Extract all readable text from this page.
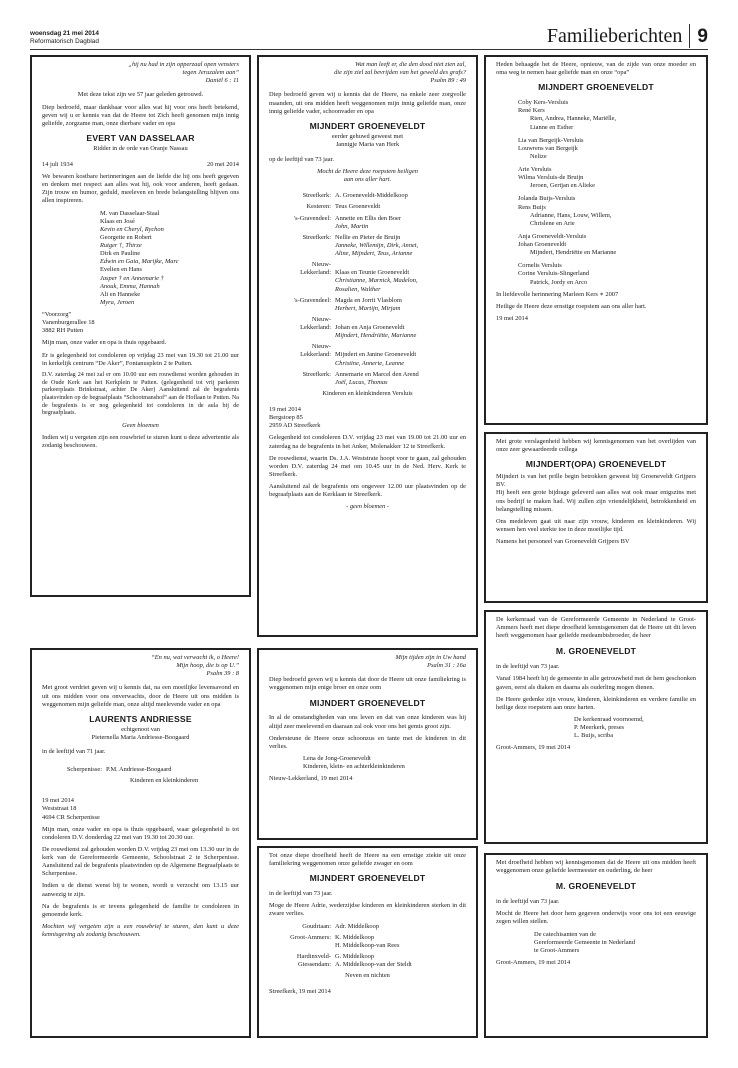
woensdag 21 mei 2014
Reformatorisch Dagblad	Familieberichten 9
„hij nu had in zijn opperzaal open vensters
tegen Jeruzalem aan”
Daniël 6 : 11

Met deze tekst zijn we 57 jaar geleden getrouwd.

Diep bedroefd, maar dankbaar voor alles wat hij voor ons heeft betekend, geven wij u er kennis van dat de Heere tot Zich heeft genomen mijn innig geliefde, zorgzame man, onze dierbare vader en opa

EVERT VAN DASSELAAR
Ridder in de orde van Oranje Nassau
14 juli 1934	20 mei 2014

We bewaren kostbare herinneringen aan de liefde die hij ons heeft gegeven en denken met respect aan alles wat hij, ook voor anderen, heeft gedaan. Zijn trouw en humor, geduld, meeleven en brede belangstelling blijven ons allen inspireren.

M. van Dasselaar-Staal
Klaas en José
Kevin en Cheryl, Rychon
Georgette en Robert
Rutger †, Thirze
Dirk en Pauline
Edwin en Gaia, Marijke, Marc
Evelien en Hans
Jasper † en Annemarie †
Anouk, Emma, Hannah
Ali en Hanneke
Myra, Jeroen
“Voorzorg”
Vanenburgerallee 18
3882 RH Putten

Mijn man, onze vader en opa is thuis opgebaard.

Er is gelegenheid tot condoleren op vrijdag 23 mei van 19.30 tot 21.00 uur in kerkelijk centrum “De Aker”, Fontanusplein 2 te Putten.

D.V. zaterdag 24 mei zal er om 10.00 uur een rouwdienst worden gehouden in de Oude Kerk aan het Kerkplein te Putten. (gelegenheid tot vrij parkeren parkeerplaats Brinkstraat, achter De Aker) Aansluitend zal de begrafenis plaatsvinden op de begraafplaats “Schootmanshof” aan de Hoflaan te Putten. Na de begrafenis is er nog gelegenheid tot condoleren in de aula bij de begraafplaats.

Geen bloemen

Indien wij u vergeten zijn een rouwbrief te sturen kunt u deze advertentie als zodanig beschouwen.

Wat man leeft er, die den dood niet zien zal,
die zijn ziel zal bevrijden van het geweld des grafs?
Psalm 89 : 49

Diep bedroefd geven wij u kennis dat de Heere, na enkele zeer zorgvolle maanden, uit ons midden heeft weggenomen mijn innig geliefde man, onze innig geliefde vader, schoonvader en opa

MIJNDERT GROENEVELDT
eerder gehuwd geweest met
Jannigje Maria van Herk

op de leeftijd van 73 jaar.

Mocht de Heere deze roepstem heiligen
aan ons aller hart.
Streefkerk: A. Groeneveldt-Middelkoop
Kesteren: Teus Groeneveldt
's-Gravendeel: Annette en Ellis den Boer
John, Martin
Streefkerk: Nellie en Pieter de Bruijn
Janneke, Willemijn, Dirk, Annet,
Aline, Mijndert, Teus, Arianne
Nieuw-
Lekkerland:
Klaas en Teunie Groeneveldt
Christianne, Marnick, Madelon,
Rosalien, Walther
's-Gravendeel: Magda en Jorrit Vlasblom
Herbert, Martijn, Mirjam
Nieuw-
Lekkerland:
Johan en Anja Groeneveldt
Mijndert, Hendriëtte, Marianne
Nieuw-
Lekkerland:
Mijndert en Janine Groeneveldt
Christine, Annerie, Leanne
Streefkerk: Annemarie en Marcel den Arend
Joël, Lucas, Thomas

Kinderen en kleinkinderen Versluis

19 mei 2014
Bergstoep 85
2959 AD Streefkerk

Gelegenheid tot condoleren D.V. vrijdag 23 mei van 19.00 tot 21.00 uur en zaterdag na de begrafenis in het Anker, Molenakker 12 te Streefkerk.

De rouwdienst, waarin Ds. J.A. Weststrate hoopt voor te gaan, zal gehouden worden D.V. zaterdag 24 mei om 10.45 uur in de Ned. Herv. Kerk te Streefkerk.

Aansluitend zal de begrafenis om ongeveer 12.00 uur plaatsvinden op de begraafplaats aan de Kerklaan te Streefkerk.

- geen bloemen -

Heden behaagde het de Heere, opnieuw, van de zijde van onze moeder en oma weg te nemen haar geliefde man en onze “opa”

MIJNDERT GROENEVELDT
Coby Kers-Versluis
René Kers
Rien, Andrea, Hanneke, Mariëlle,
Lianne en Esther
Lia van Bergeijk-Versluis
Louwrens van Bergeijk
Nelize
Arie Versluis
Wilma Versluis-de Bruijn
Jeroen, Gertjan en Alieke
Jolanda Buijs-Versluis
Rens Buijs
Adrianne, Hans, Louw, Willem,
Chrislene en Arie
Anja Groeneveldt-Versluis
Johan Groeneveldt
Mijndert, Hendriëtte en Marianne
Cornelis Versluis
Corine Versluis-Slingerland
Patrick, Jordy en Arco

In liefdevolle herinnering Marleen Kers ∗ 2007

Heilige de Heere deze ernstige roepstem aan ons aller hart.

19 mei 2014

Met grote verslagenheid hebben wij kennisgenomen van het overlijden van onze zeer gewaardeerde collega

MIJNDERT(OPA) GROENEVELDT

Mijndert is van het prille begin betrokken geweest bij Groeneveldt Grijpers BV.

Hij heeft een grote bijdrage geleverd aan alles wat ook maar enigszins met ons bedrijf te maken had. Wij zullen zijn vriendelijkheid, betrokkenheid en belangstelling missen.

Ons medeleven gaat uit naar zijn vrouw, kinderen en kleinkinderen. Wij wensen hen veel sterkte toe in deze moeilijke tijd.

Namens het personeel van Groeneveldt Grijpers BV

“En nu, wat verwacht ik, o Heere!
Mijn hoop, die is op U.”
Psalm 39 : 8

Met groot verdriet geven wij u kennis dat, na een moeilijke levensavond en uit ons midden voor ons onverwachts, door de Heere uit ons midden is weggenomen mijn geliefde man, onze altijd meelevende vader en opa

LAURENTS ANDRIESSE
echtgenoot van
Pieternella Maria Andriesse-Boogaard

in de leeftijd van 71 jaar.

Scherpenisse: P.M. Andriesse-Boogaard

Kinderen en kleinkinderen

19 mei 2014
Weststraat 18
4694 CR Scherpenisse

Mijn man, onze vader en opa is thuis opgebaard, waar gelegenheid is tot condoleren D.V. donderdag 22 mei van 19.30 tot 20.30 uur.

De rouwdienst zal gehouden worden D.V. vrijdag 23 mei om 13.30 uur in de kerk van de Gereformeerde Gemeente, Schoolstraat 2 te Scherpenisse. Aansluitend zal de begrafenis plaatsvinden op de Algemene Begraafplaats te Scherpenisse.

Indien u de dienst wenst bij te wonen, wordt u verzocht om 13.15 uur aanwezig te zijn.

Na de begrafenis is er tevens gelegenheid de familie te condoleren in genoemde kerk.

Mochten wij vergeten zijn u een rouwbrief te sturen, dan kunt u deze kennisgeving als zodanig beschouwen.

Mijn tijden zijn in Uw hand
Psalm 31 : 16a

Diep bedroefd geven wij u kennis dat door de Heere uit onze familiekring is weggenomen mijn enige broer en onze oom

MIJNDERT GROENEVELDT

In al de omstandigheden van ons leven en dat van onze kinderen was hij altijd zeer meelevend en daaraan zal ook voor ons het gemis groot zijn.

Ondersteune de Heere onze schoonzus en tante met de kinderen in dit verlies.

Lena de Jong-Groeneveldt
Kinderen, klein- en achterkleinkinderen

Nieuw-Lekkerland, 19 mei 2014

Tot onze diepe droefheid heeft de Heere na een ernstige ziekte uit onze familiekring weggenomen onze geliefde zwager en oom

MIJNDERT GROENEVELDT

in de leeftijd van 73 jaar.

Moge de Heere Adrie, wederzijdse kinderen en kleinkinderen sterken in dit zware verlies.

Goudriaan: Adr. Middelkoop
Groot-Ammers: K. Middelkoop
H. Middelkoop-van Rees
Hardinxveld-
Giessendam:
G. Middelkoop
A. Middelkoop-van der Steldt

Neven en nichten

Streefkerk, 19 mei 2014

De kerkenraad van de Gereformeerde Gemeente in Nederland te Groot-Ammers heeft met diepe droefheid kennisgenomen dat de Heere uit dit leven heeft weggenomen haar geliefde medeambtsbroeder, de heer

M. GROENEVELDT

in de leeftijd van 73 jaar.

Vanaf 1984 heeft hij de gemeente in alle getrouwheid met de hem geschonken gaven, eerst als diaken en daarna als ouderling mogen dienen.

De Heere gedenke zijn vrouw, kinderen, kleinkinderen en verdere familie en heilige deze roepstem aan onze harten.

De kerkenraad voornoemd,
P. Meerkerk, preses
L. Buijs, scriba

Groot-Ammers, 19 mei 2014

Met droefheid hebben wij kennisgenomen dat de Heere uit ons midden heeft weggenomen onze geliefde leermeester en ouderling, de heer

M. GROENEVELDT

in de leeftijd van 73 jaar.

Mocht de Heere het door hem gegeven onderwijs voor ons tot een eeuwige zegen willen stellen.

De catechisanten van de
Gereformeerde Gemeente in Nederland
te Groot-Ammers

Groot-Ammers, 19 mei 2014
